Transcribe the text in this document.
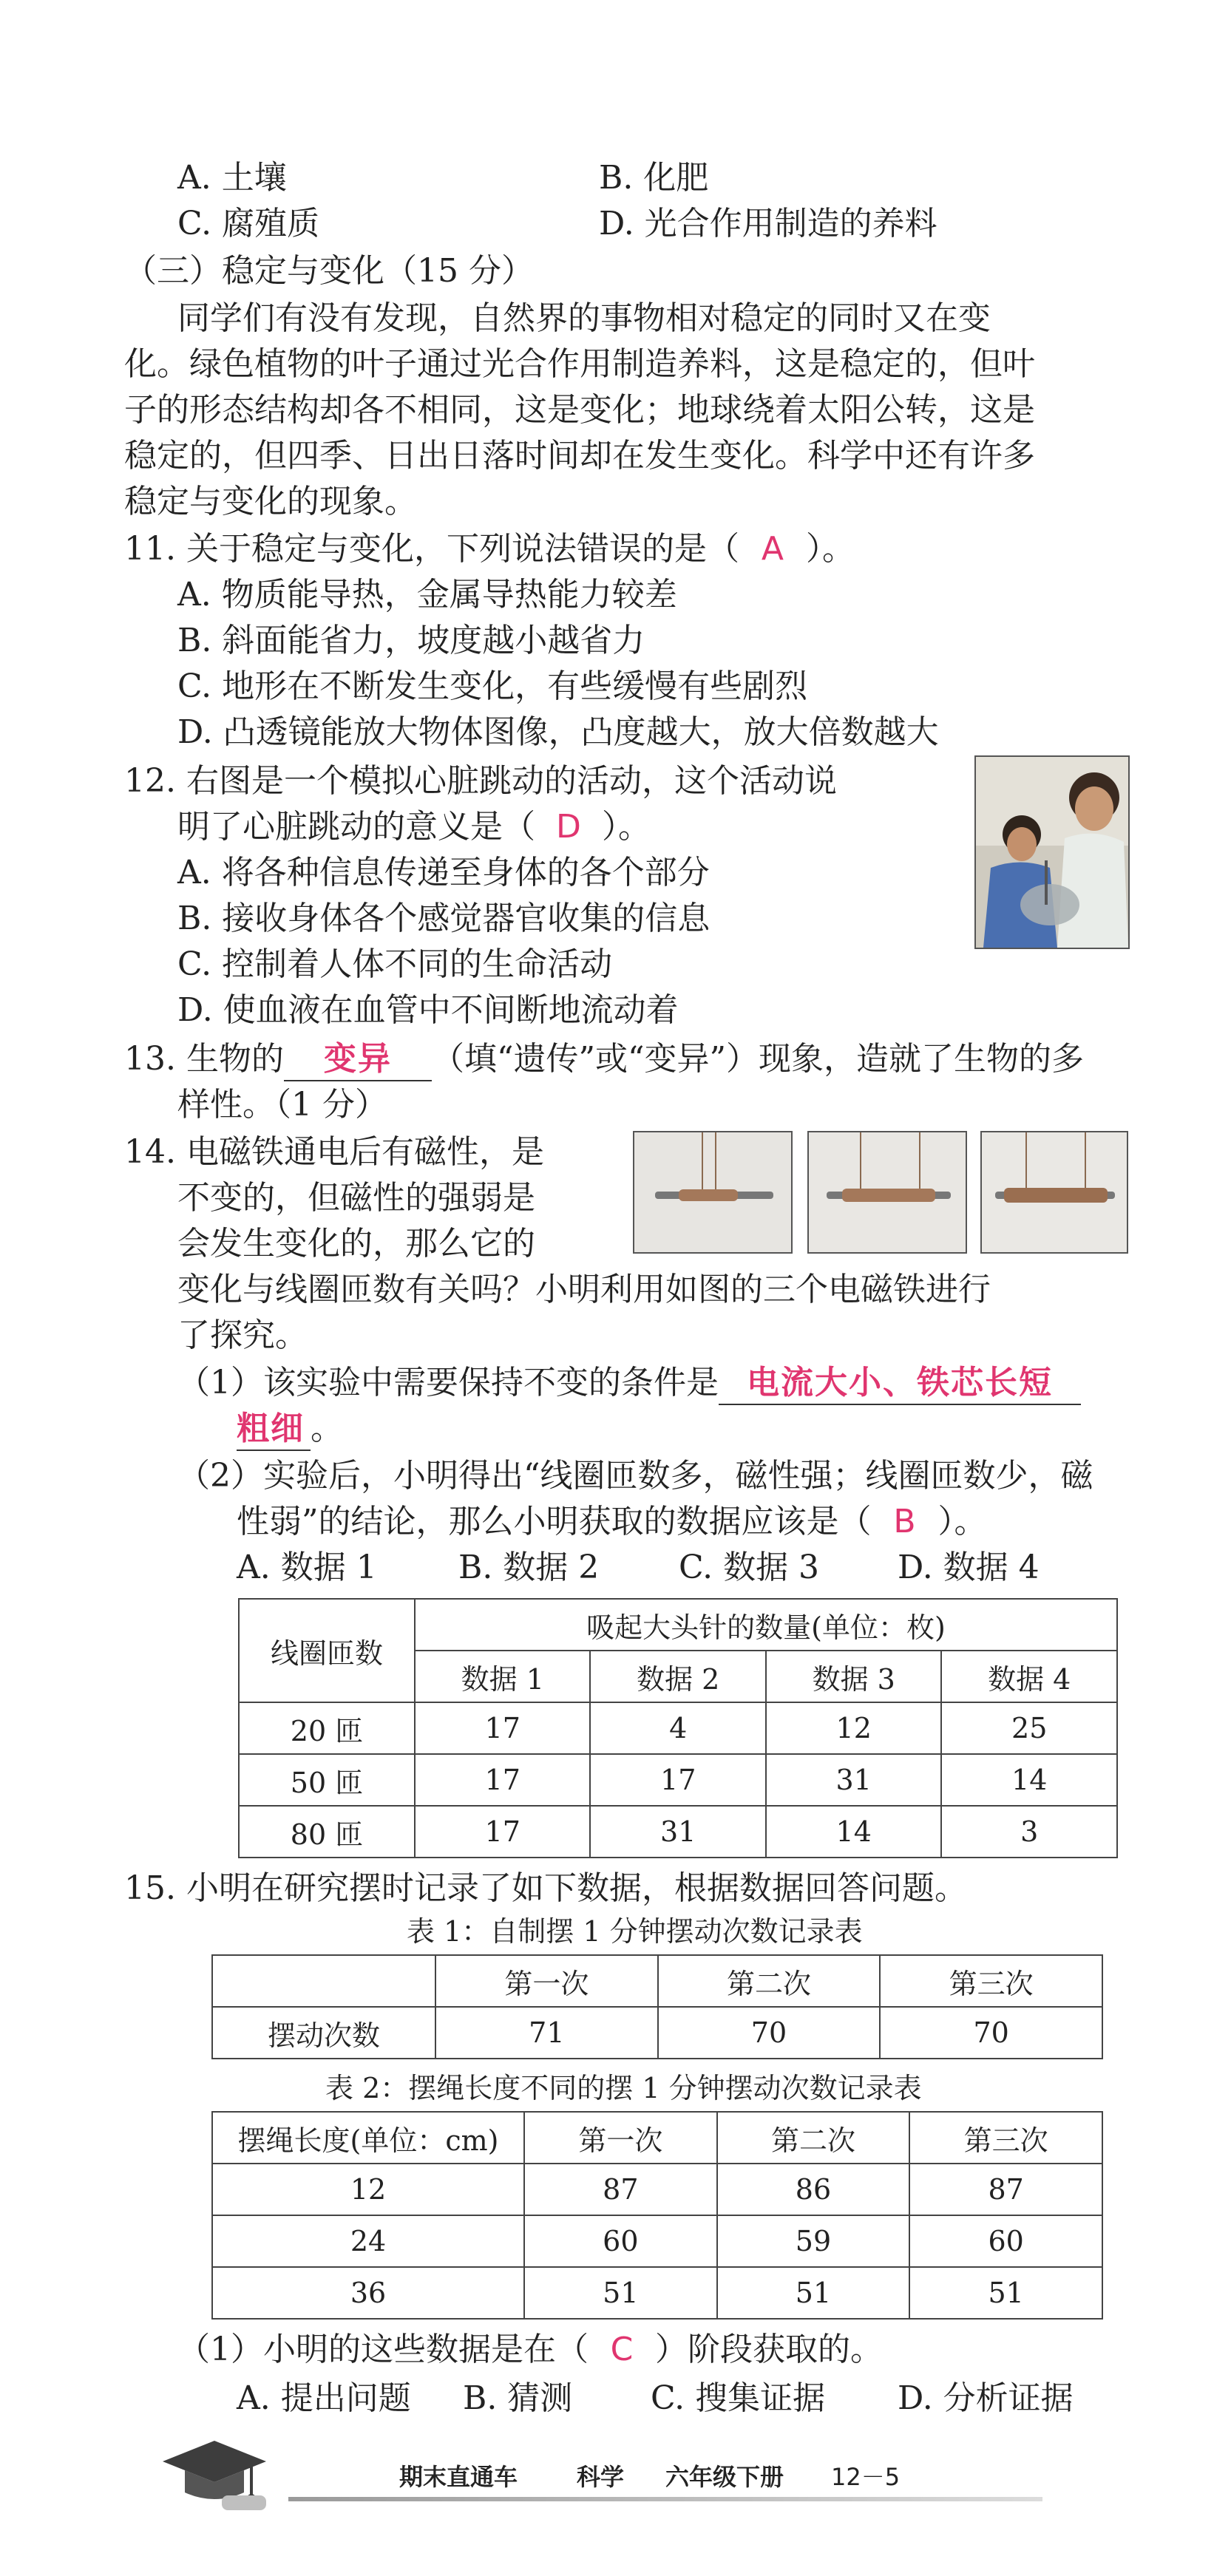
A. 土壤	B. 化肥
C. 腐殖质	D. 光合作用制造的养料
（三）稳定与变化（15 分）
同学们有没有发现，自然界的事物相对稳定的同时又在变
化。绿色植物的叶子通过光合作用制造养料，这是稳定的，但叶
子的形态结构却各不相同，这是变化；地球绕着太阳公转，这是
稳定的，但四季、日出日落时间却在发生变化。科学中还有许多
稳定与变化的现象。
11. 关于稳定与变化，下列说法错误的是（ A ）。
A. 物质能导热，金属导热能力较差
B. 斜面能省力，坡度越小越省力
C. 地形在不断发生变化，有些缓慢有些剧烈
D. 凸透镜能放大物体图像，凸度越大，放大倍数越大
12. 右图是一个模拟心脏跳动的活动，这个活动说
明了心脏跳动的意义是（ D ）。
A. 将各种信息传递至身体的各个部分
B. 接收身体各个感觉器官收集的信息
C. 控制着人体不同的生命活动
D. 使血液在血管中不间断地流动着
13. 生物的 变异 （填“遗传”或“变异”）现象，造就了生物的多
样性。（1 分）
14. 电磁铁通电后有磁性，是
不变的，但磁性的强弱是
会发生变化的，那么它的
变化与线圈匝数有关吗？小明利用如图的三个电磁铁进行
了探究。
（1）该实验中需要保持不变的条件是 电流大小、铁芯长短
粗细 。
（2）实验后，小明得出“线圈匝数多，磁性强；线圈匝数少，磁
性弱”的结论，那么小明获取的数据应该是（ B ）。
A. 数据 1	B. 数据 2 C. 数据 3 D. 数据 4
线圈匝数	吸起大头针的数量(单位：枚)			
	数据 1	数据 2	数据 3	数据 4
20 匝	17	4	12	25
50 匝	17	17	31	14
80 匝	17	31	14	3
15. 小明在研究摆时记录了如下数据，根据数据回答问题。
表 1：自制摆 1 分钟摆动次数记录表
	第一次	第二次	第三次
摆动次数	71	70	70
表 2：摆绳长度不同的摆 1 分钟摆动次数记录表
摆绳长度(单位：cm)	第一次	第二次	第三次
12	87	86	87
24	60	59	60
36	51	51	51
（1）小明的这些数据是在（ C ）阶段获取的。
A. 提出问题 B. 猜测 C. 搜集证据 D. 分析证据
期末直通车 科学 六年级下册 12－5
